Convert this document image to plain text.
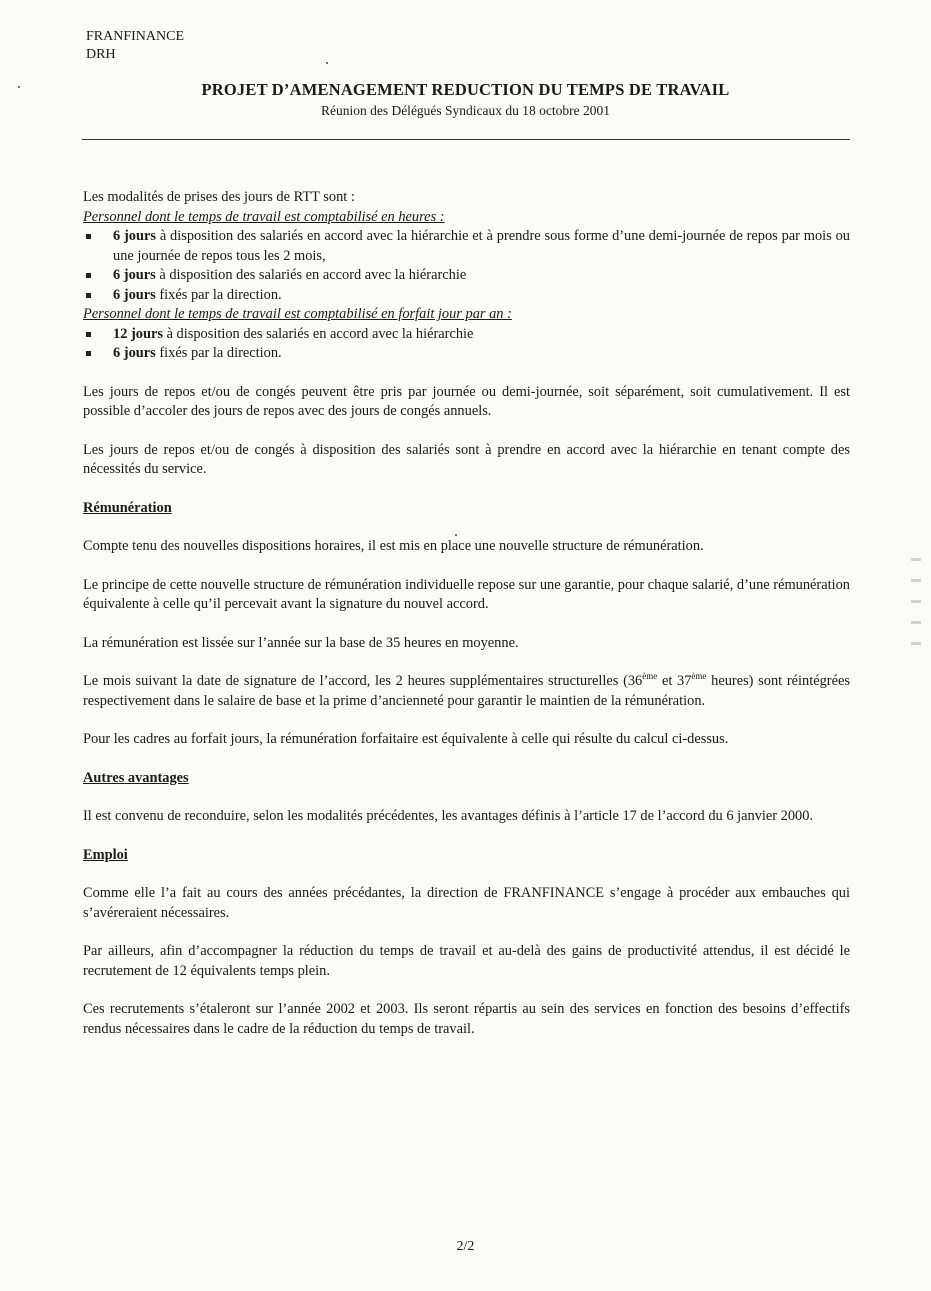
FRANFINANCE
DRH
PROJET D’AMENAGEMENT REDUCTION DU TEMPS DE TRAVAIL
Réunion des Délégués Syndicaux du 18 octobre 2001

Les modalités de prises des jours de RTT sont :

Personnel dont le temps de travail est comptabilisé en heures :

6 jours à disposition des salariés en accord avec la hiérarchie et à prendre sous forme d’une demi-journée de repos par mois ou une journée de repos tous les 2 mois,
6 jours à disposition des salariés en accord avec la hiérarchie
6 jours fixés par la direction.

Personnel dont le temps de travail est comptabilisé en forfait jour par an :

12 jours à disposition des salariés en accord avec la hiérarchie
6 jours fixés par la direction.

Les jours de repos et/ou de congés peuvent être pris par journée ou demi-journée, soit séparément, soit cumulativement. Il est possible d’accoler des jours de repos avec des jours de congés annuels.

Les jours de repos et/ou de congés à disposition des salariés sont à prendre en accord avec la hiérarchie en tenant compte des nécessités du service.

Rémunération

Compte tenu des nouvelles dispositions horaires, il est mis en place une nouvelle structure de rémunération.

Le principe de cette nouvelle structure de rémunération individuelle repose sur une garantie, pour chaque salarié, d’une rémunération équivalente à celle qu’il percevait avant la signature du nouvel accord.

La rémunération est lissée sur l’année sur la base de 35 heures en moyenne.

Le mois suivant la date de signature de l’accord, les 2 heures supplémentaires structurelles (36ème et 37ème heures) sont réintégrées respectivement dans le salaire de base et la prime d’ancienneté pour garantir le maintien de la rémunération.

Pour les cadres au forfait jours, la rémunération forfaitaire est équivalente à celle qui résulte du calcul ci-dessus.

Autres avantages

Il est convenu de reconduire, selon les modalités précédentes, les avantages définis à l’article 17 de l’accord du 6 janvier 2000.

Emploi

Comme elle l’a fait au cours des années précédantes, la direction de FRANFINANCE s’engage à procéder aux embauches qui s’avéreraient nécessaires.

Par ailleurs, afin d’accompagner la réduction du temps de travail et au-delà des gains de productivité attendus, il est décidé le recrutement de 12 équivalents temps plein.

Ces recrutements s’étaleront sur l’année 2002 et 2003. Ils seront répartis au sein des services en fonction des besoins d’effectifs rendus nécessaires dans le cadre de la réduction du temps de travail.

2/2
